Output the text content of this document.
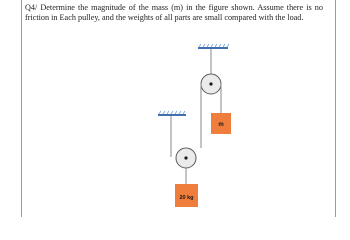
Q4/ Determine the magnitude of the mass (m) in the figure shown. Assume there is no friction in Each pulley, and the weights of all parts are small compared with the load.

m
20 kg
